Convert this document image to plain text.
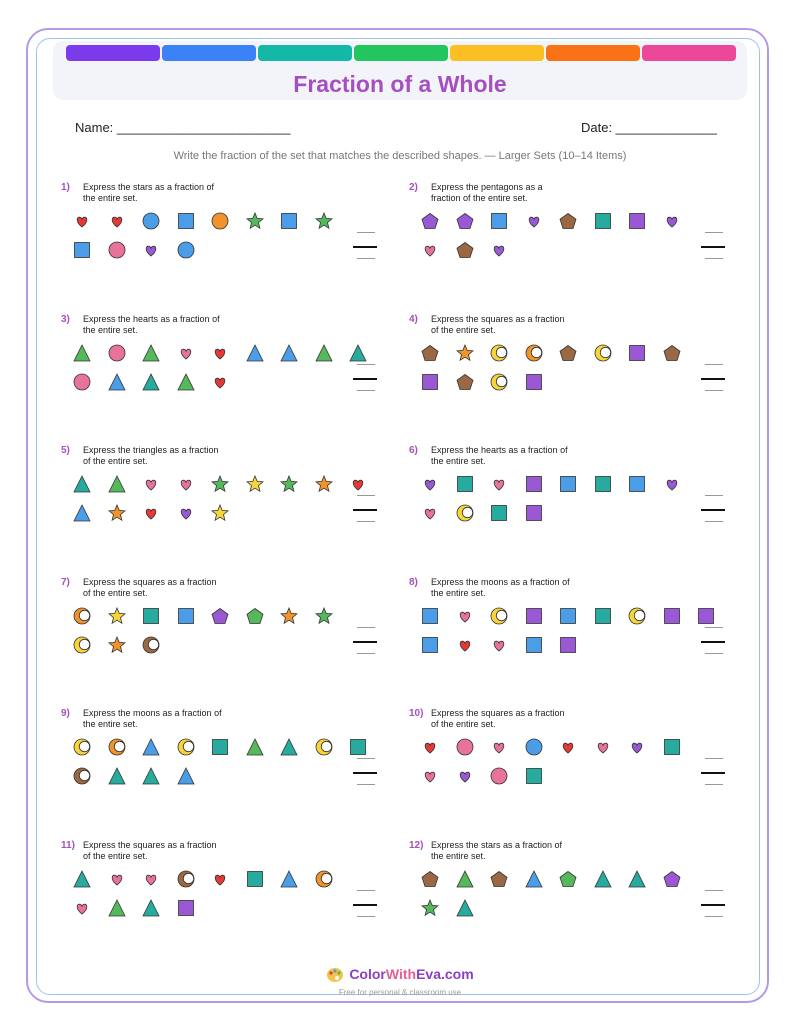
Fraction of a Whole
Name: ________________________	Date: ______________
Write the fraction of the set that matches the described shapes. — Larger Sets (10–14 Items)
1) Express the stars as a fraction of the entire set.
2) Express the pentagons as a fraction of the entire set.
3) Express the hearts as a fraction of the entire set.
4) Express the squares as a fraction of the entire set.
5) Express the triangles as a fraction of the entire set.
6) Express the hearts as a fraction of the entire set.
7) Express the squares as a fraction of the entire set.
8) Express the moons as a fraction of the entire set.
9) Express the moons as a fraction of the entire set.
10) Express the squares as a fraction of the entire set.
11) Express the squares as a fraction of the entire set.
12) Express the stars as a fraction of the entire set.
ColorWithEva.com
Free for personal & classroom use
